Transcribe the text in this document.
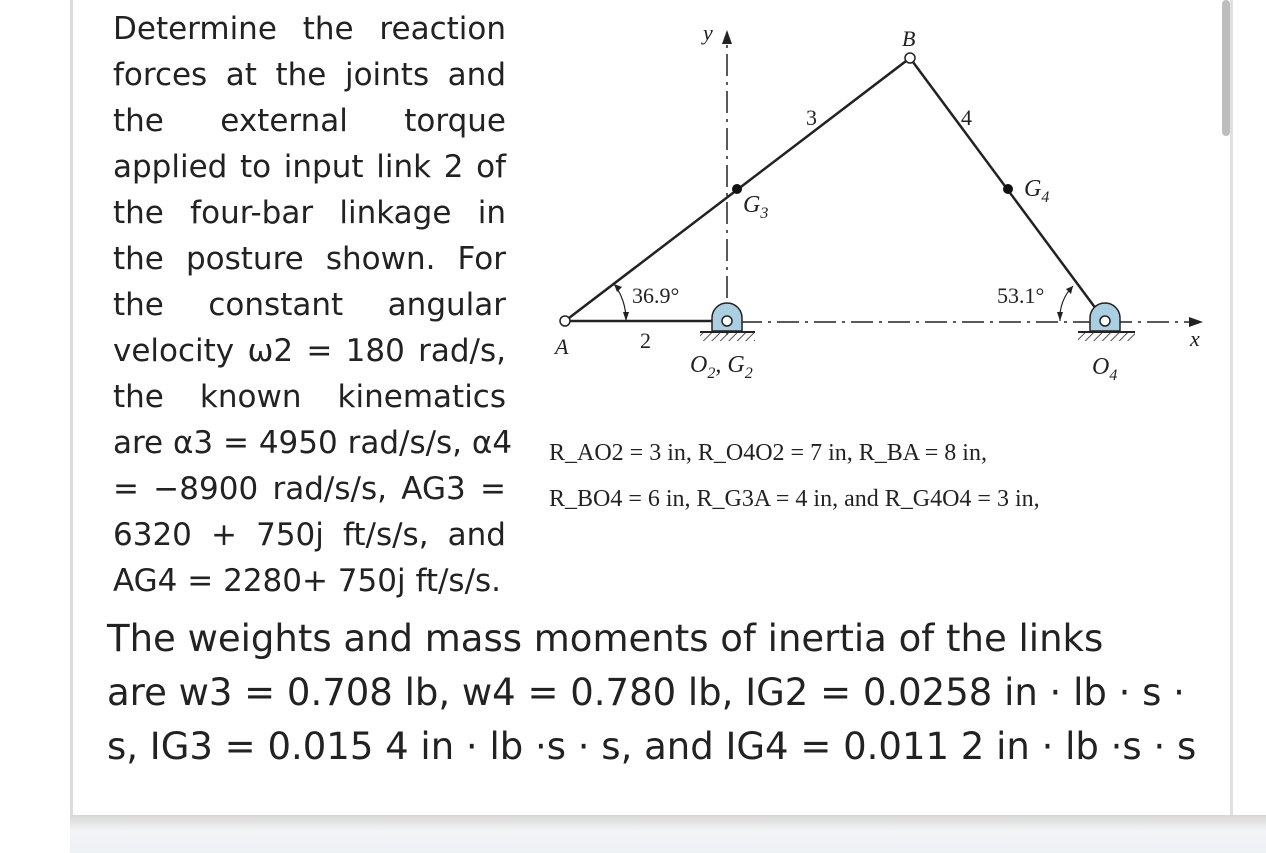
Determine the reaction
forces at the joints and
the external torque
applied to input link 2 of
the four-bar linkage in
the posture shown. For
the constant angular
velocity ω2 = 180 rad/s,
the known kinematics
are α3 = 4950 rad/s/s, α4
= −8900 rad/s/s, AG3 =
6320 + 750j ft/s/s, and
AG4 = 2280+ 750j ft/s/s.
y
x
A
B
3	4
2
$G_3$
$G_4$
36.9°	53.1°
$O_2$, $G_2$	$O_4$
R_AO2 = 3 in, R_O4O2 = 7 in, R_BA = 8 in,
R_BO4 = 6 in, R_G3A = 4 in, and R_G4O4 = 3 in,
The weights and mass moments of inertia of the links
are w3 = 0.708 lb, w4 = 0.780 lb, IG2 = 0.0258 in · lb · s ·
s, IG3 = 0.015 4 in · lb ·s · s, and IG4 = 0.011 2 in · lb ·s · s
